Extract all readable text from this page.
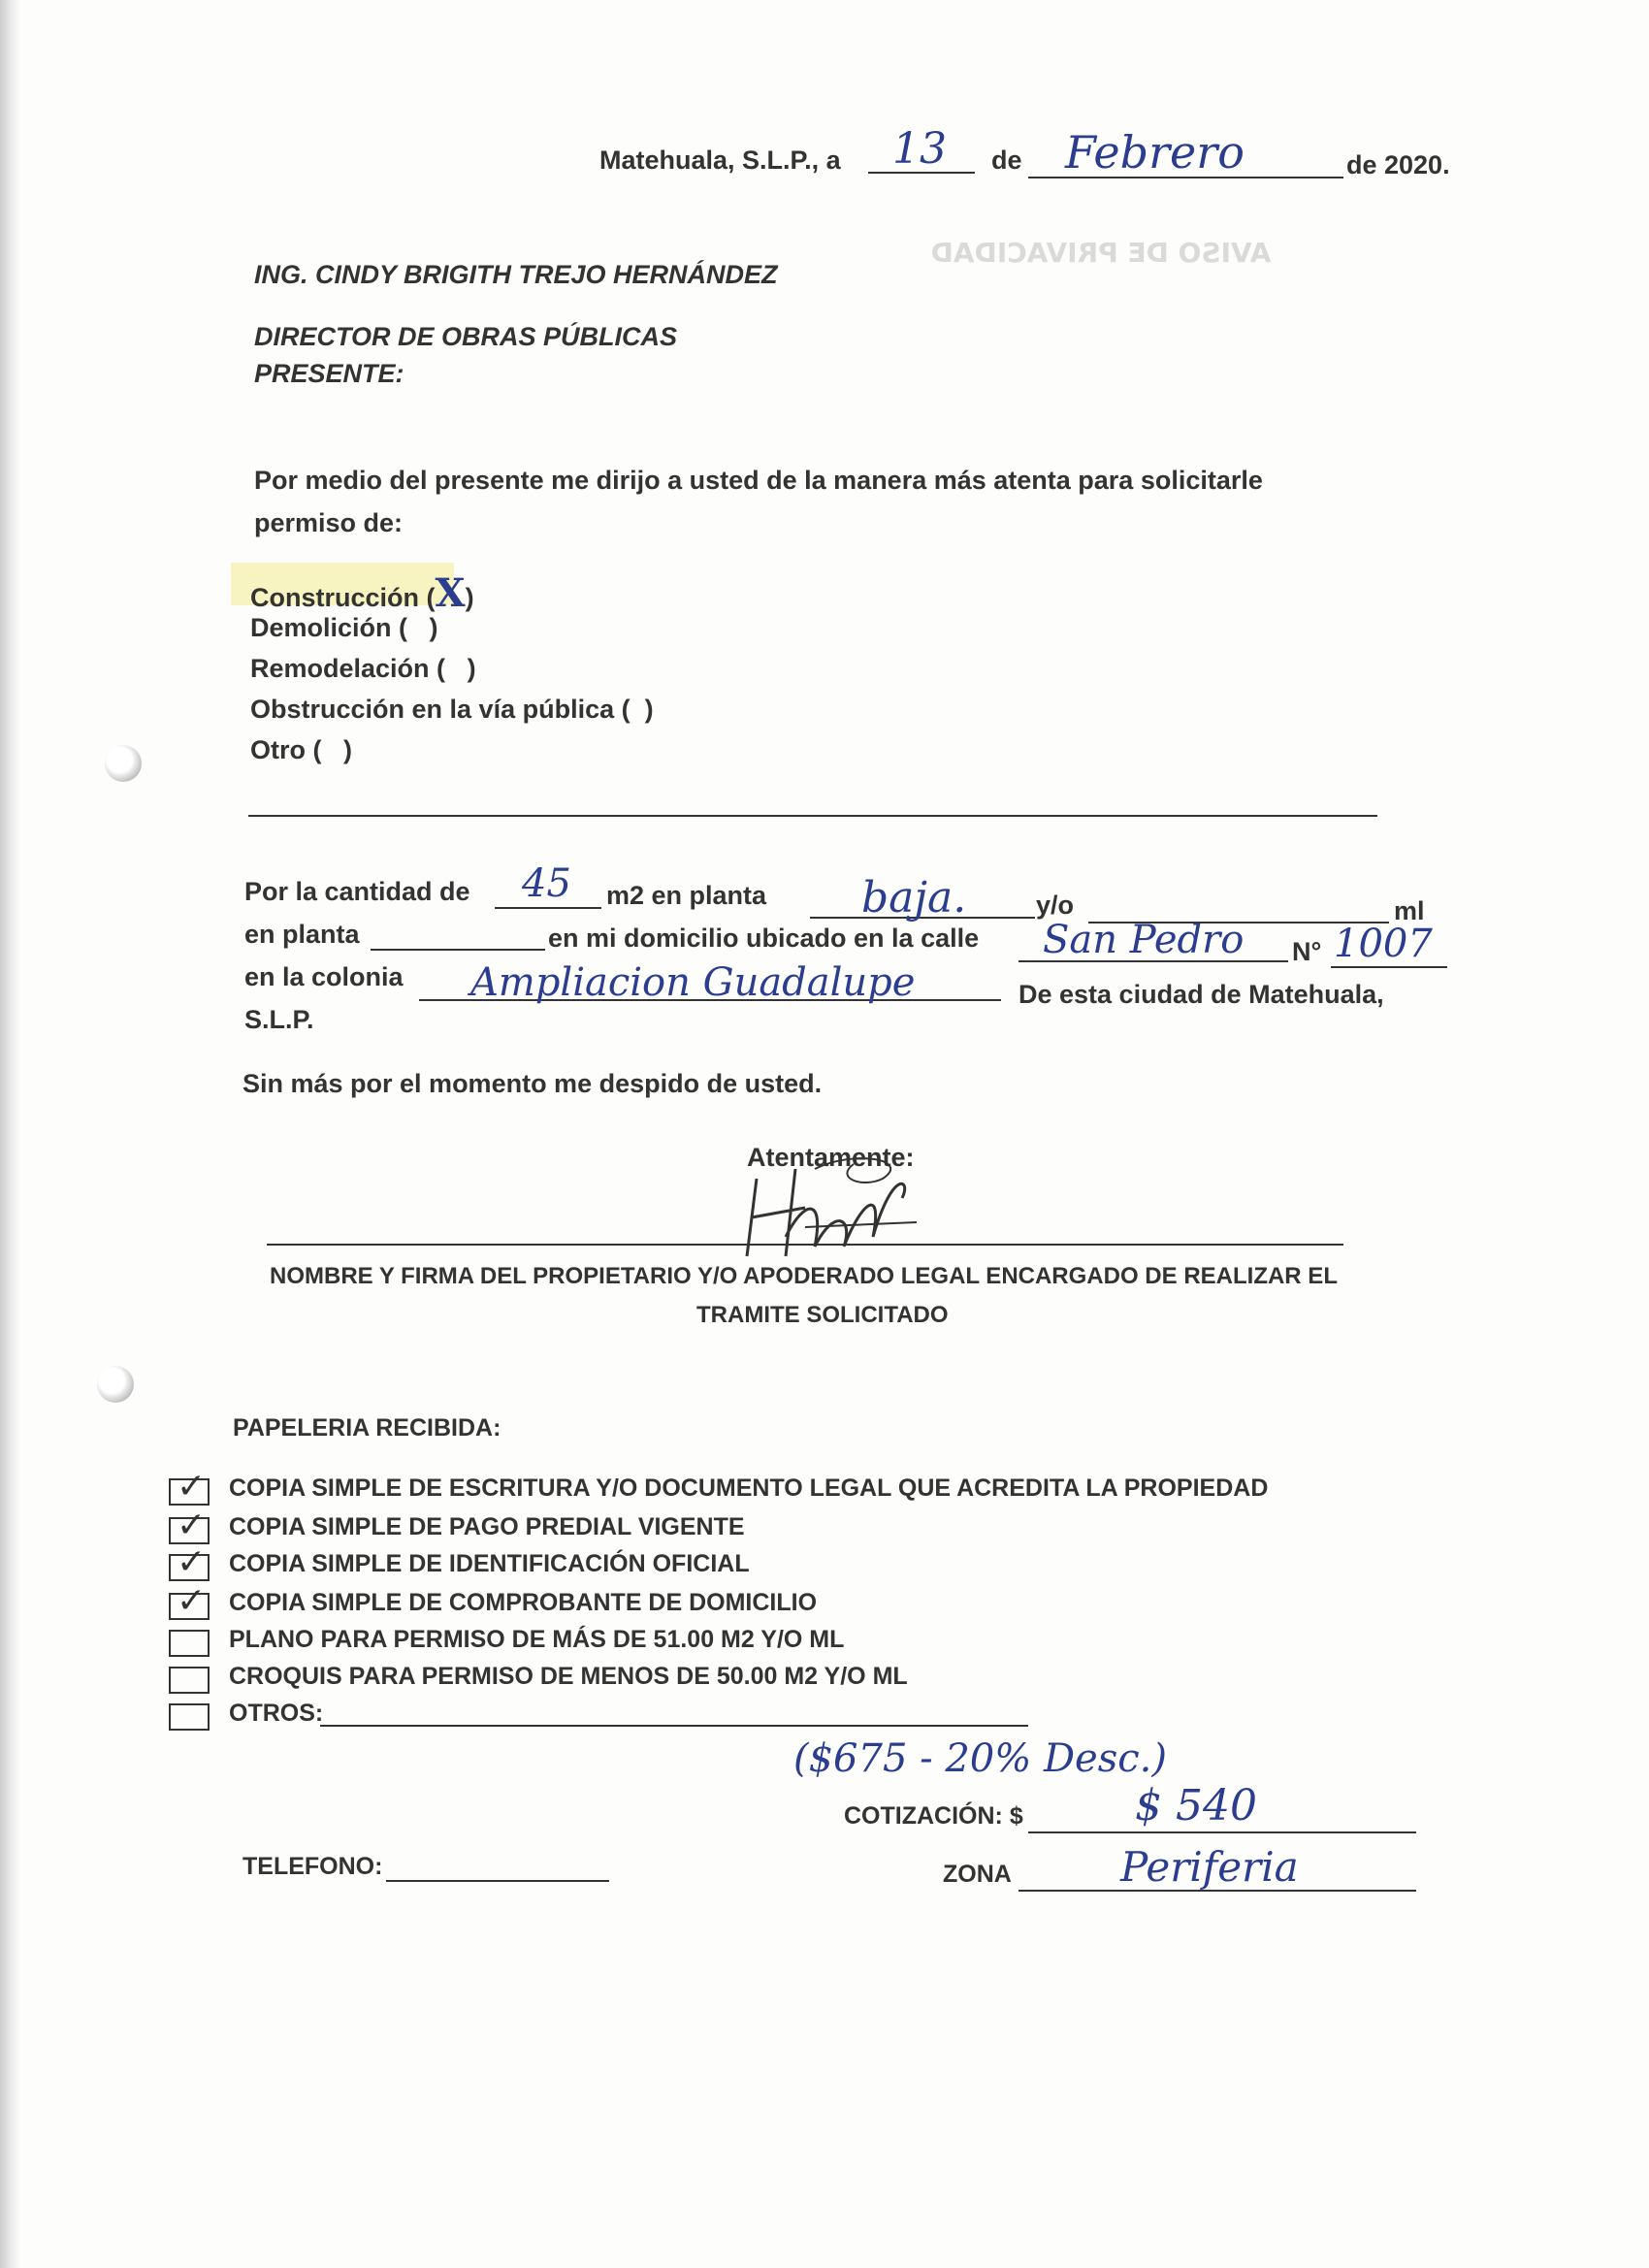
AVISO DE PRIVACIDAD
Matehuala, S.L.P., a 13 de Febrero	de 2020.
ING. CINDY BRIGITH TREJO HERNÁNDEZ
DIRECTOR DE OBRAS PÚBLICAS
PRESENTE:
Por medio del presente me dirijo a usted de la manera más atenta para solicitarle
permiso de:
Construcción (X)
Demolición ( )
Remodelación ( )
Obstrucción en la vía pública ( )
Otro ( )
Por la cantidad de 45 m2 en planta baja.	y/o	ml
en planta	en mi domicilio ubicado en la calle San Pedro N° 1007
en la colonia Ampliacion Guadalupe	De esta ciudad de Matehuala,
S.L.P.
Sin más por el momento me despido de usted.
Atentamente:
NOMBRE Y FIRMA DEL PROPIETARIO Y/O APODERADO LEGAL ENCARGADO DE REALIZAR EL
TRAMITE SOLICITADO
PAPELERIA RECIBIDA:
✓ COPIA SIMPLE DE ESCRITURA Y/O DOCUMENTO LEGAL QUE ACREDITA LA PROPIEDAD
✓ COPIA SIMPLE DE PAGO PREDIAL VIGENTE
✓ COPIA SIMPLE DE IDENTIFICACIÓN OFICIAL
✓ COPIA SIMPLE DE COMPROBANTE DE DOMICILIO
PLANO PARA PERMISO DE MÁS DE 51.00 M2 Y/O ML
CROQUIS PARA PERMISO DE MENOS DE 50.00 M2 Y/O ML
OTROS:
($675 - 20% Desc.)
COTIZACIÓN: $	$ 540
TELEFONO:	ZONA	Periferia
